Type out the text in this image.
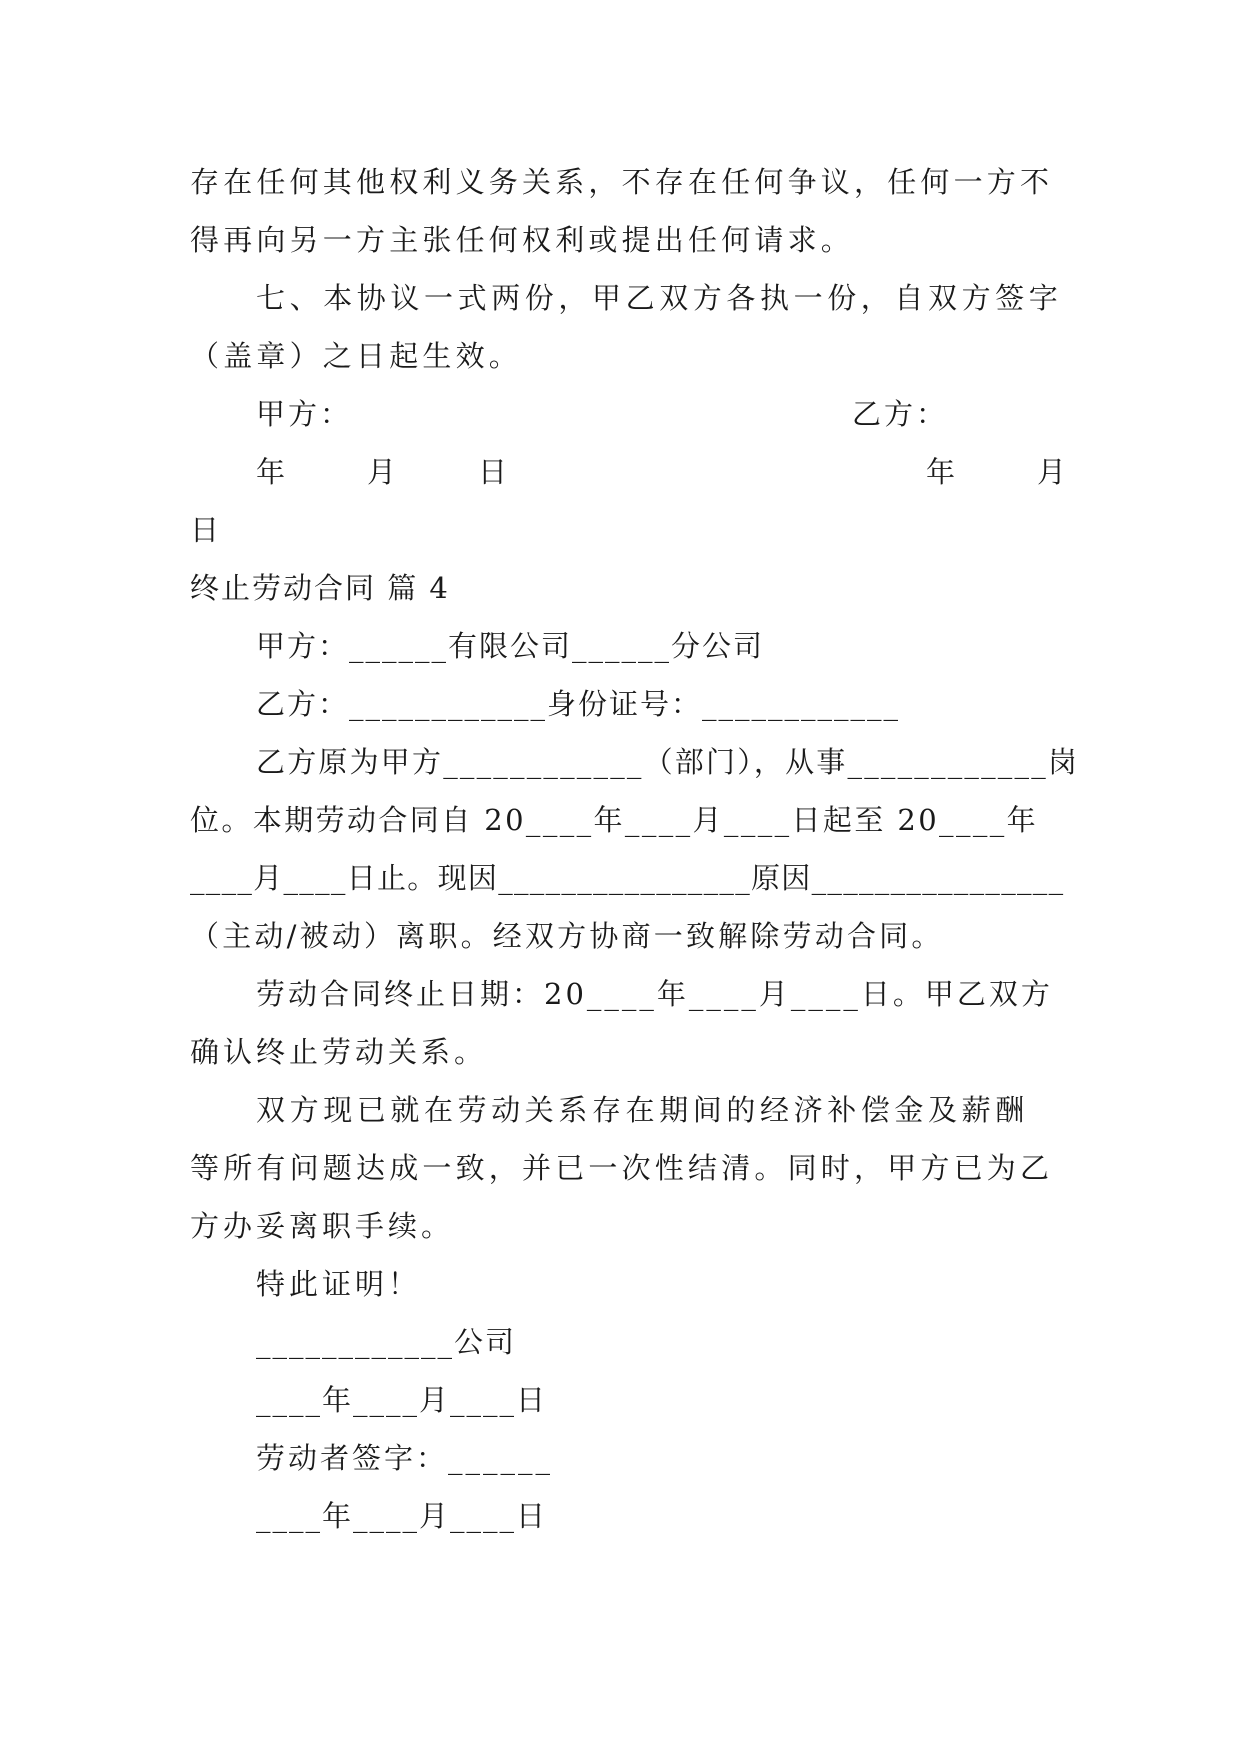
存在任何其他权利义务关系，不存在任何争议，任何一方不
得再向另一方主张任何权利或提出任何请求。
七、本协议一式两份，甲乙双方各执一份，自双方签字
（盖章）之日起生效。
甲方：	乙方：
年　　月　　日	年　　月
日
终止劳动合同 篇 4
甲方：______有限公司______分公司
乙方：____________身份证号：____________
乙方原为甲方____________（部门），从事____________岗
位。本期劳动合同自 20____年____月____日起至 20____年
____月____日止。现因________________原因________________
（主动/被动）离职。经双方协商一致解除劳动合同。
劳动合同终止日期：20____年____月____日。甲乙双方
确认终止劳动关系。
双方现已就在劳动关系存在期间的经济补偿金及薪酬
等所有问题达成一致，并已一次性结清。同时，甲方已为乙
方办妥离职手续。
特此证明！
____________公司
____年____月____日
劳动者签字：______
____年____月____日
